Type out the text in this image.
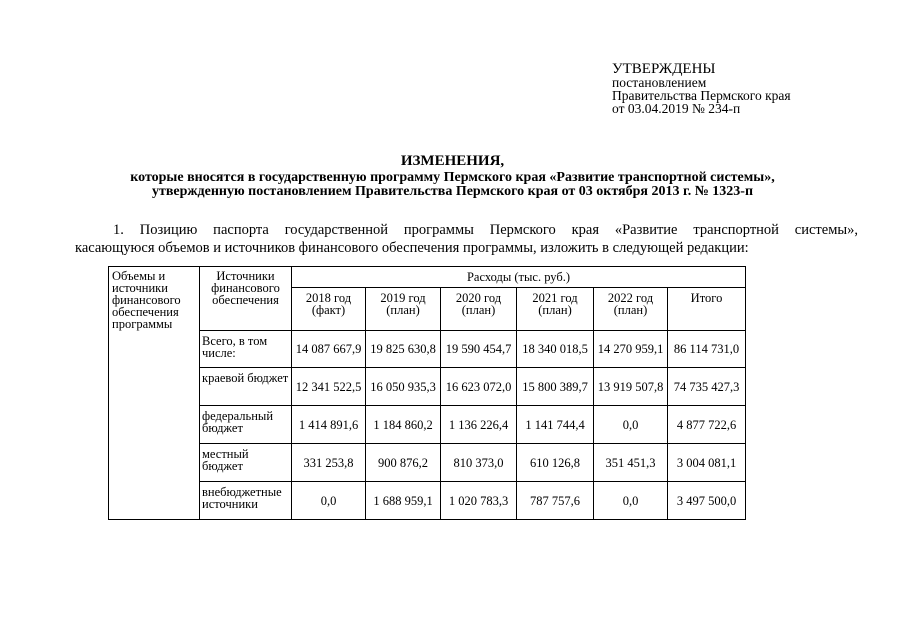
УТВЕРЖДЕНЫ
постановлением
Правительства Пермского края
от 03.04.2019 № 234-п
ИЗМЕНЕНИЯ,
которые вносятся в государственную программу Пермского края «Развитие транспортной системы»,
утвержденную постановлением Правительства Пермского края от 03 октября 2013 г. № 1323-п
1. Позицию паспорта государственной программы Пермского края «Развитие транспортной системы»,
касающуюся объемов и источников финансового обеспечения программы, изложить в следующей редакции:
Объемы и источники финансового обеспечения программы	Источники финансового обеспечения	Расходы (тыс. руб.)					
		2018 год (факт)	2019 год (план)	2020 год (план)	2021 год (план)	2022 год (план)	Итого
	Всего, в том числе:	14 087 667,9	19 825 630,8	19 590 454,7	18 340 018,5	14 270 959,1	86 114 731,0
	краевой бюджет	12 341 522,5	16 050 935,3	16 623 072,0	15 800 389,7	13 919 507,8	74 735 427,3
	федеральный бюджет	1 414 891,6	1 184 860,2	1 136 226,4	1 141 744,4	0,0	4 877 722,6
	местный бюджет	331 253,8	900 876,2	810 373,0	610 126,8	351 451,3	3 004 081,1
	внебюджетные источники	0,0	1 688 959,1	1 020 783,3	787 757,6	0,0	3 497 500,0
